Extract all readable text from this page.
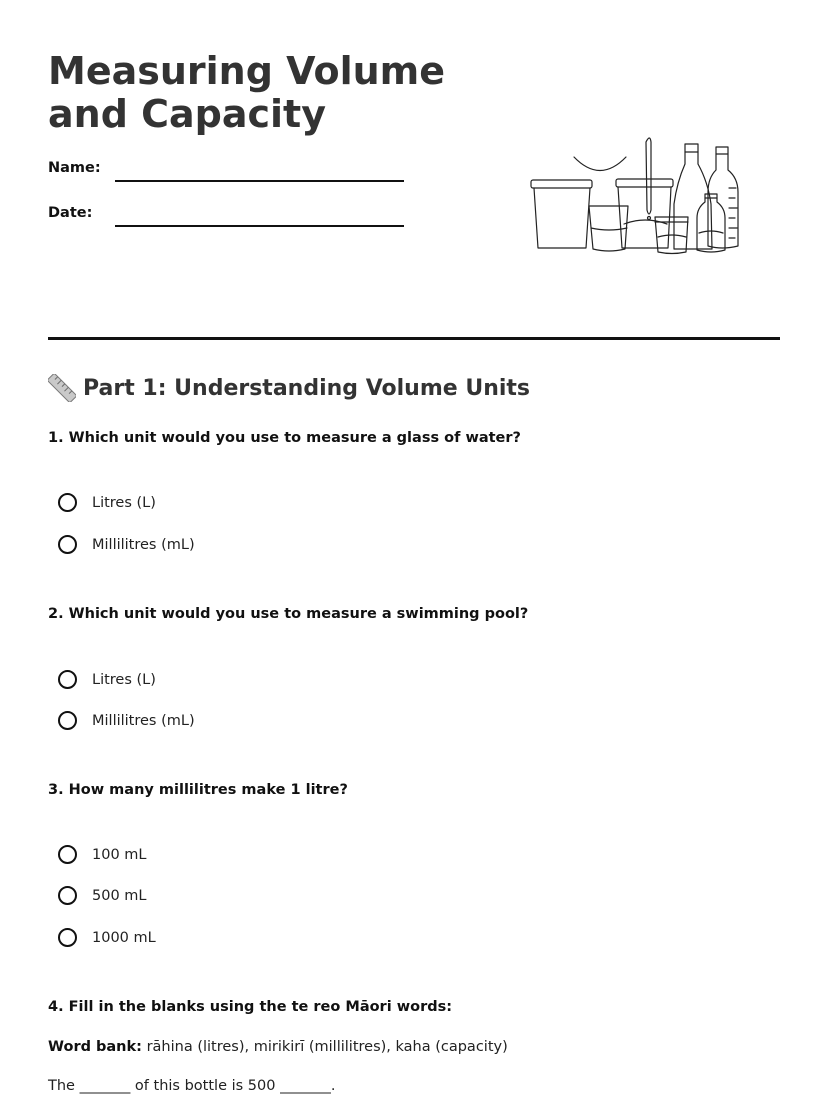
Measuring Volume and Capacity
Name:
Date:
Part 1: Understanding Volume Units
1. Which unit would you use to measure a glass of water?
Litres (L)
Millilitres (mL)
2. Which unit would you use to measure a swimming pool?
Litres (L)
Millilitres (mL)
3. How many millilitres make 1 litre?
100 mL
500 mL
1000 mL
4. Fill in the blanks using the te reo Māori words:
Word bank: rāhina (litres), mirikirī (millilitres), kaha (capacity)
The _______ of this bottle is 500 _______.
